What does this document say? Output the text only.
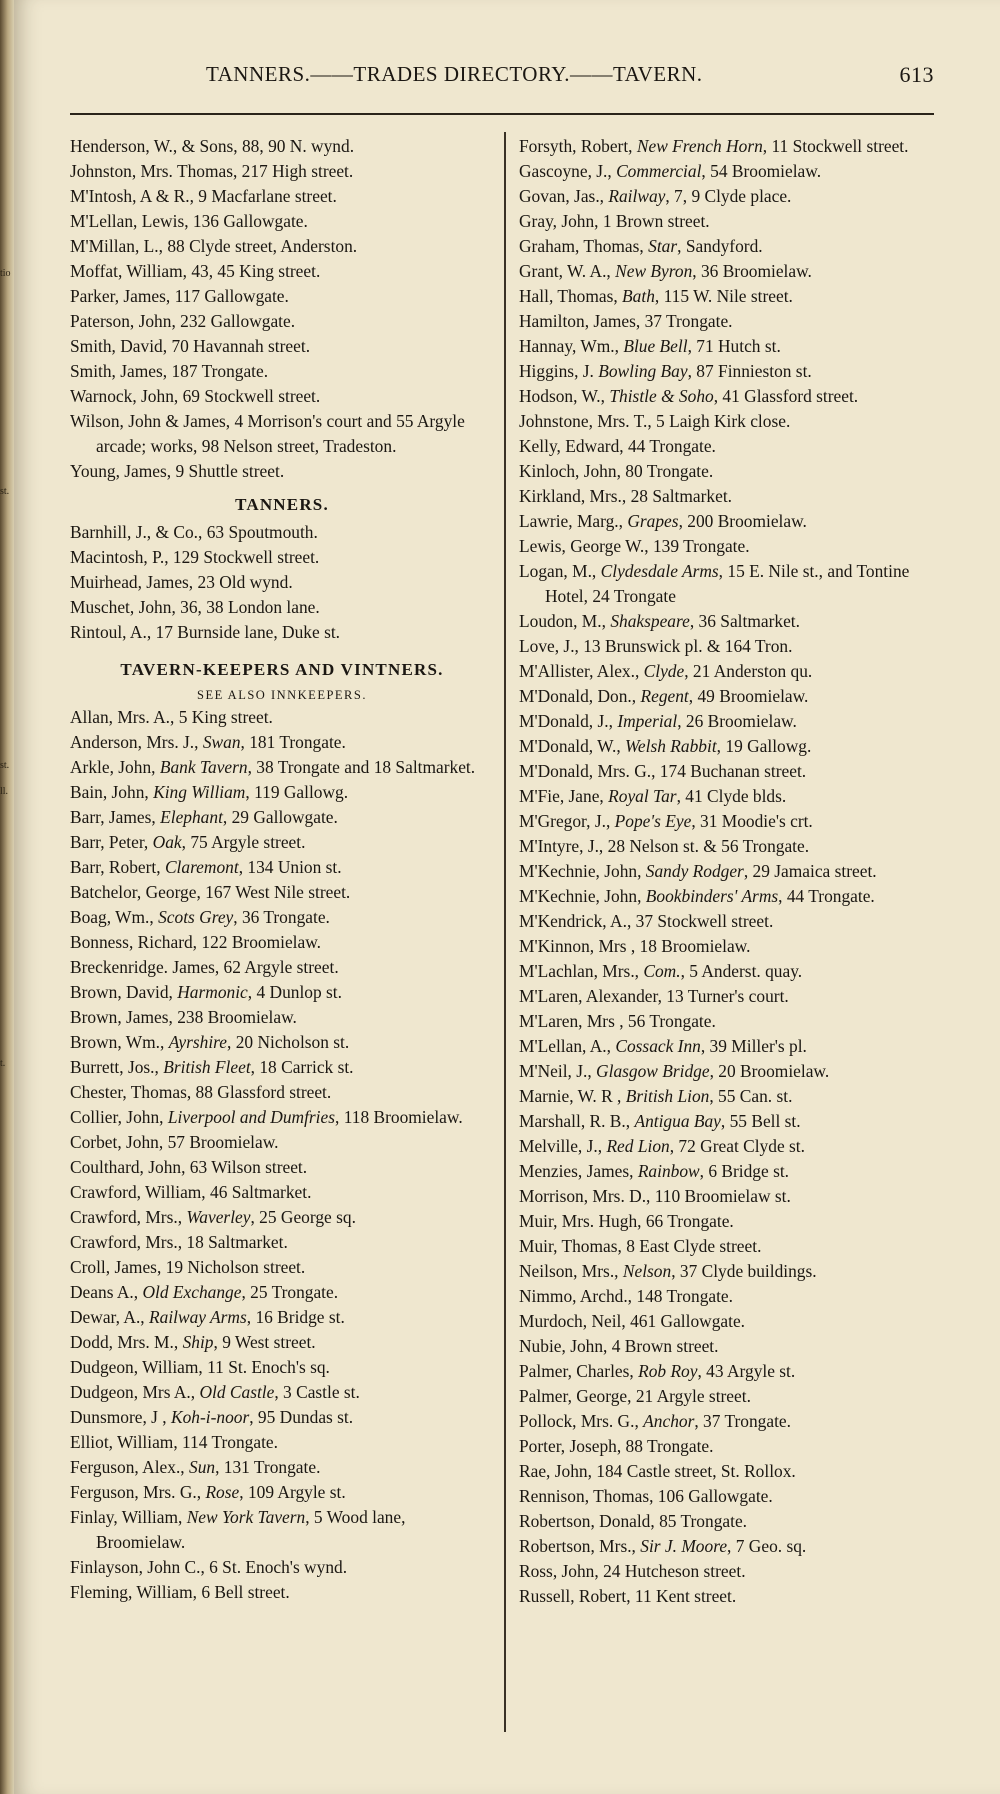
tio
st.
st.
ll.
t.
TANNERS.——TRADES DIRECTORY.——TAVERN.	613

Henderson, W., & Sons, 88, 90 N. wynd.

Johnston, Mrs. Thomas, 217 High street.

M'Intosh, A & R., 9 Macfarlane street.

M'Lellan, Lewis, 136 Gallowgate.

M'Millan, L., 88 Clyde street, Anderston.

Moffat, William, 43, 45 King street.

Parker, James, 117 Gallowgate.

Paterson, John, 232 Gallowgate.

Smith, David, 70 Havannah street.

Smith, James, 187 Trongate.

Warnock, John, 69 Stockwell street.

Wilson, John & James, 4 Morrison's court and 55 Argyle arcade; works, 98 Nelson street, Tradeston.

Young, James, 9 Shuttle street.

TANNERS.

Barnhill, J., & Co., 63 Spoutmouth.

Macintosh, P., 129 Stockwell street.

Muirhead, James, 23 Old wynd.

Muschet, John, 36, 38 London lane.

Rintoul, A., 17 Burnside lane, Duke st.

TAVERN-KEEPERS AND VINTNERS.
SEE ALSO INNKEEPERS.

Allan, Mrs. A., 5 King street.

Anderson, Mrs. J., Swan, 181 Trongate.

Arkle, John, Bank Tavern, 38 Trongate and 18 Saltmarket.

Bain, John, King William, 119 Gallowg.

Barr, James, Elephant, 29 Gallowgate.

Barr, Peter, Oak, 75 Argyle street.

Barr, Robert, Claremont, 134 Union st.

Batchelor, George, 167 West Nile street.

Boag, Wm., Scots Grey, 36 Trongate.

Bonness, Richard, 122 Broomielaw.

Breckenridge. James, 62 Argyle street.

Brown, David, Harmonic, 4 Dunlop st.

Brown, James, 238 Broomielaw.

Brown, Wm., Ayrshire, 20 Nicholson st.

Burrett, Jos., British Fleet, 18 Carrick st.

Chester, Thomas, 88 Glassford street.

Collier, John, Liverpool and Dumfries, 118 Broomielaw.

Corbet, John, 57 Broomielaw.

Coulthard, John, 63 Wilson street.

Crawford, William, 46 Saltmarket.

Crawford, Mrs., Waverley, 25 George sq.

Crawford, Mrs., 18 Saltmarket.

Croll, James, 19 Nicholson street.

Deans A., Old Exchange, 25 Trongate.

Dewar, A., Railway Arms, 16 Bridge st.

Dodd, Mrs. M., Ship, 9 West street.

Dudgeon, William, 11 St. Enoch's sq.

Dudgeon, Mrs A., Old Castle, 3 Castle st.

Dunsmore, J , Koh-i-noor, 95 Dundas st.

Elliot, William, 114 Trongate.

Ferguson, Alex., Sun, 131 Trongate.

Ferguson, Mrs. G., Rose, 109 Argyle st.

Finlay, William, New York Tavern, 5 Wood lane, Broomielaw.

Finlayson, John C., 6 St. Enoch's wynd.

Fleming, William, 6 Bell street.

Forsyth, Robert, New French Horn, 11 Stockwell street.

Gascoyne, J., Commercial, 54 Broomielaw.

Govan, Jas., Railway, 7, 9 Clyde place.

Gray, John, 1 Brown street.

Graham, Thomas, Star, Sandyford.

Grant, W. A., New Byron, 36 Broomielaw.

Hall, Thomas, Bath, 115 W. Nile street.

Hamilton, James, 37 Trongate.

Hannay, Wm., Blue Bell, 71 Hutch st.

Higgins, J. Bowling Bay, 87 Finnieston st.

Hodson, W., Thistle & Soho, 41 Glassford street.

Johnstone, Mrs. T., 5 Laigh Kirk close.

Kelly, Edward, 44 Trongate.

Kinloch, John, 80 Trongate.

Kirkland, Mrs., 28 Saltmarket.

Lawrie, Marg., Grapes, 200 Broomielaw.

Lewis, George W., 139 Trongate.

Logan, M., Clydesdale Arms, 15 E. Nile st., and Tontine Hotel, 24 Trongate

Loudon, M., Shakspeare, 36 Saltmarket.

Love, J., 13 Brunswick pl. & 164 Tron.

M'Allister, Alex., Clyde, 21 Anderston qu.

M'Donald, Don., Regent, 49 Broomielaw.

M'Donald, J., Imperial, 26 Broomielaw.

M'Donald, W., Welsh Rabbit, 19 Gallowg.

M'Donald, Mrs. G., 174 Buchanan street.

M'Fie, Jane, Royal Tar, 41 Clyde blds.

M'Gregor, J., Pope's Eye, 31 Moodie's crt.

M'Intyre, J., 28 Nelson st. & 56 Trongate.

M'Kechnie, John, Sandy Rodger, 29 Jamaica street.

M'Kechnie, John, Bookbinders' Arms, 44 Trongate.

M'Kendrick, A., 37 Stockwell street.

M'Kinnon, Mrs , 18 Broomielaw.

M'Lachlan, Mrs., Com., 5 Anderst. quay.

M'Laren, Alexander, 13 Turner's court.

M'Laren, Mrs , 56 Trongate.

M'Lellan, A., Cossack Inn, 39 Miller's pl.

M'Neil, J., Glasgow Bridge, 20 Broomielaw.

Marnie, W. R , British Lion, 55 Can. st.

Marshall, R. B., Antigua Bay, 55 Bell st.

Melville, J., Red Lion, 72 Great Clyde st.

Menzies, James, Rainbow, 6 Bridge st.

Morrison, Mrs. D., 110 Broomielaw st.

Muir, Mrs. Hugh, 66 Trongate.

Muir, Thomas, 8 East Clyde street.

Neilson, Mrs., Nelson, 37 Clyde buildings.

Nimmo, Archd., 148 Trongate.

Murdoch, Neil, 461 Gallowgate.

Nubie, John, 4 Brown street.

Palmer, Charles, Rob Roy, 43 Argyle st.

Palmer, George, 21 Argyle street.

Pollock, Mrs. G., Anchor, 37 Trongate.

Porter, Joseph, 88 Trongate.

Rae, John, 184 Castle street, St. Rollox.

Rennison, Thomas, 106 Gallowgate.

Robertson, Donald, 85 Trongate.

Robertson, Mrs., Sir J. Moore, 7 Geo. sq.

Ross, John, 24 Hutcheson street.

Russell, Robert, 11 Kent street.
